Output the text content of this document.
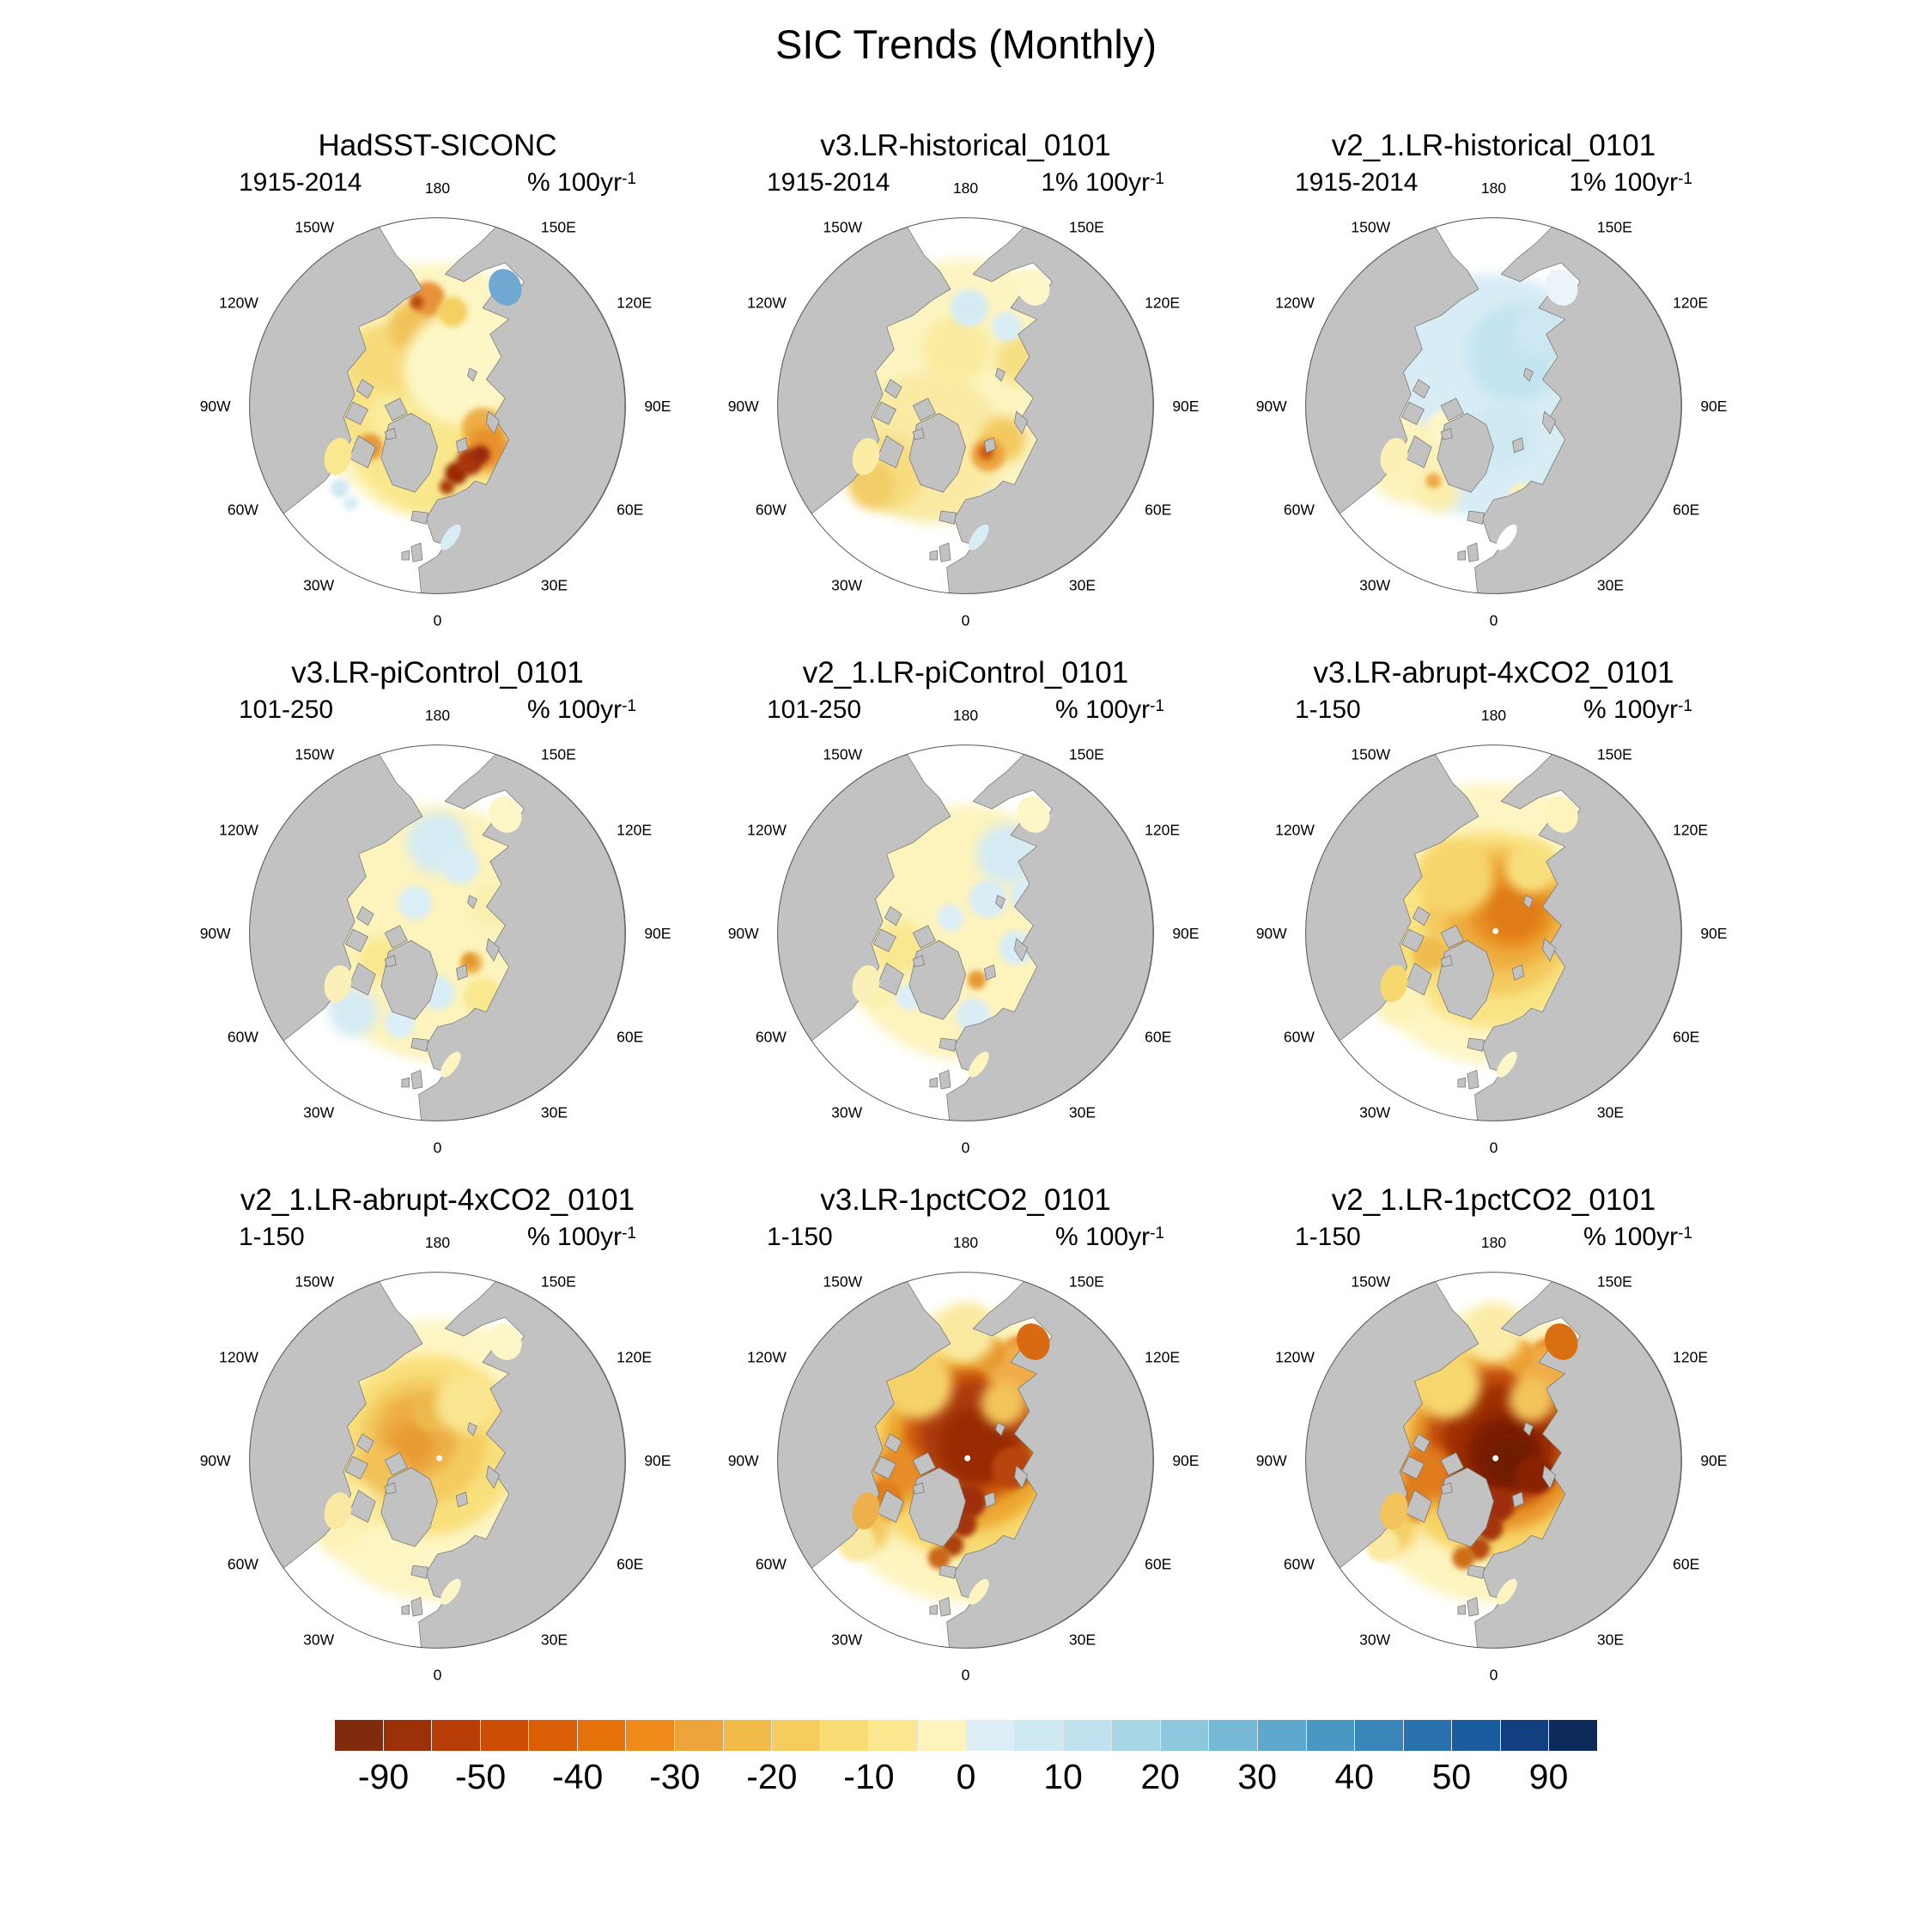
SIC Trends (Monthly)
HadSST-SICONC
1915-2014	% $100yr^{-1}$
180
150E
120E
90E
60E
30E
0
30W
60W
90W
120W
150W
v3.LR-historical_0101
1915-2014	1% $100yr^{-1}$
180
150E
120E
90E
60E
30E
0
30W
60W
90W
120W
150W
v2_1.LR-historical_0101
1915-2014	1% $100yr^{-1}$
180
150E
120E
90E
60E
30E
0
30W
60W
90W
120W
150W
v3.LR-piControl_0101
101-250	% $100yr^{-1}$
180
150E
120E
90E
60E
30E
0
30W
60W
90W
120W
150W
v2_1.LR-piControl_0101
101-250	% $100yr^{-1}$
180
150E
120E
90E
60E
30E
0
30W
60W
90W
120W
150W
v3.LR-abrupt-4xCO2_0101
1-150	% $100yr^{-1}$
180
150E
120E
90E
60E
30E
0
30W
60W
90W
120W
150W
v2_1.LR-abrupt-4xCO2_0101
1-150	% $100yr^{-1}$
180
150E
120E
90E
60E
30E
0
30W
60W
90W
120W
150W
v3.LR-1pctCO2_0101
1-150	% $100yr^{-1}$
180
150E
120E
90E
60E
30E
0
30W
60W
90W
120W
150W
v2_1.LR-1pctCO2_0101
1-150	% $100yr^{-1}$
180
150E
120E
90E
60E
30E
0
30W
60W
90W
120W
150W
-90 -50 -40 -30 -20 -10 0 10 20 30 40 50 90
